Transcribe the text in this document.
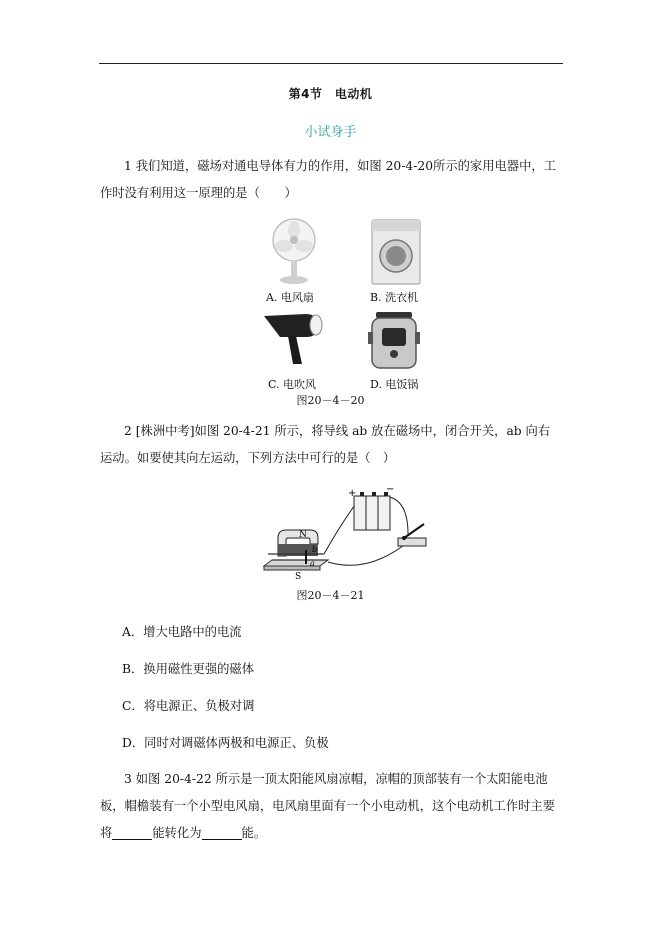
第4节　电动机
小试身手

1 我们知道，磁场对通电导体有力的作用，如图 20-4-20所示的家用电器中，工作时没有利用这一原理的是（　　）

A. 电风扇	B. 洗衣机
C. 电吹风	D. 电饭锅
图20－4－20

2 [株洲中考]如图 20-4-21 所示，将导线 ab 放在磁场中，闭合开关，ab 向右运动。如要使其向左运动，下列方法中可行的是（　）

N
S
b
a
+	−
图20－4－21

A．增大电路中的电流

B．换用磁性更强的磁体

C．将电源正、负极对调

D．同时对调磁体两极和电源正、负极

3 如图 20-4-22 所示是一顶太阳能风扇凉帽，凉帽的顶部装有一个太阳能电池板，帽檐装有一个小型电风扇，电风扇里面有一个小电动机，这个电动机工作时主要将	能转化为	能。
